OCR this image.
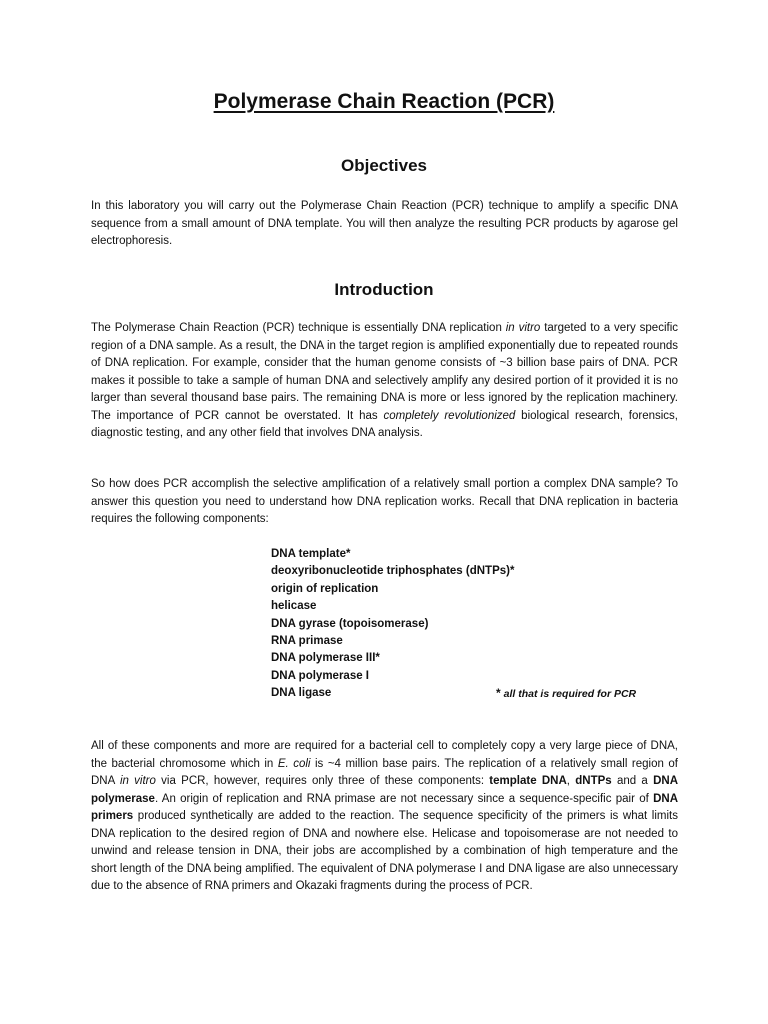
Polymerase Chain Reaction (PCR)
Objectives

In this laboratory you will carry out the Polymerase Chain Reaction (PCR) technique to amplify a specific DNA sequence from a small amount of DNA template. You will then analyze the resulting PCR products by agarose gel electrophoresis.

Introduction

The Polymerase Chain Reaction (PCR) technique is essentially DNA replication in vitro targeted to a very specific region of a DNA sample. As a result, the DNA in the target region is amplified exponentially due to repeated rounds of DNA replication. For example, consider that the human genome consists of ~3 billion base pairs of DNA. PCR makes it possible to take a sample of human DNA and selectively amplify any desired portion of it provided it is no larger than several thousand base pairs. The remaining DNA is more or less ignored by the replication machinery. The importance of PCR cannot be overstated. It has completely revolutionized biological research, forensics, diagnostic testing, and any other field that involves DNA analysis.

So how does PCR accomplish the selective amplification of a relatively small portion a complex DNA sample? To answer this question you need to understand how DNA replication works. Recall that DNA replication in bacteria requires the following components:

DNA template*
deoxyribonucleotide triphosphates (dNTPs)*
origin of replication
helicase
DNA gyrase (topoisomerase)
RNA primase
DNA polymerase III*
DNA polymerase I
DNA ligase	* all that is required for PCR

All of these components and more are required for a bacterial cell to completely copy a very large piece of DNA, the bacterial chromosome which in E. coli is ~4 million base pairs. The replication of a relatively small region of DNA in vitro via PCR, however, requires only three of these components: template DNA, dNTPs and a DNA polymerase. An origin of replication and RNA primase are not necessary since a sequence-specific pair of DNA primers produced synthetically are added to the reaction. The sequence specificity of the primers is what limits DNA replication to the desired region of DNA and nowhere else. Helicase and topoisomerase are not needed to unwind and release tension in DNA, their jobs are accomplished by a combination of high temperature and the short length of the DNA being amplified. The equivalent of DNA polymerase I and DNA ligase are also unnecessary due to the absence of RNA primers and Okazaki fragments during the process of PCR.
